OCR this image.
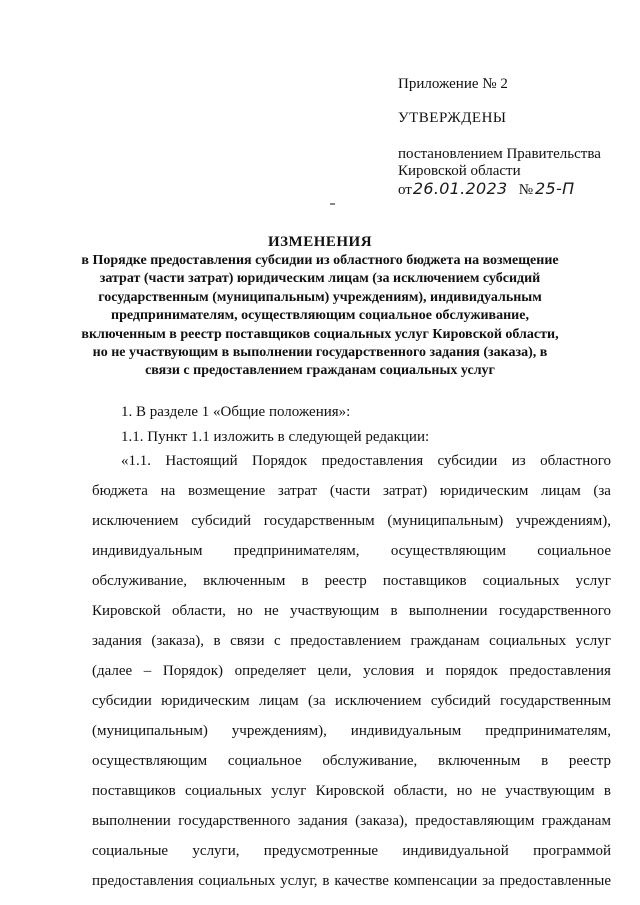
Приложение № 2
УТВЕРЖДЕНЫ
постановлением Правительства
Кировской области
от26.01.2023 № 25-П
ИЗМЕНЕНИЯ
в Порядке предоставления субсидии из областного бюджета на возмещение
затрат (части затрат) юридическим лицам (за исключением субсидий
государственным (муниципальным) учреждениям), индивидуальным
предпринимателям, осуществляющим социальное обслуживание,
включенным в реестр поставщиков социальных услуг Кировской области,
но не участвующим в выполнении государственного задания (заказа), в
связи с предоставлением гражданам социальных услуг
1. В разделе 1 «Общие положения»:
1.1. Пункт 1.1 изложить в следующей редакции:
«1.1. Настоящий Порядок предоставления субсидии из областного
бюджета на возмещение затрат (части затрат) юридическим лицам (за
исключением субсидий государственным (муниципальным) учреждениям),
индивидуальным предпринимателям, осуществляющим социальное
обслуживание, включенным в реестр поставщиков социальных услуг
Кировской области, но не участвующим в выполнении государственного
задания (заказа), в связи с предоставлением гражданам социальных услуг
(далее – Порядок) определяет цели, условия и порядок предоставления
субсидии юридическим лицам (за исключением субсидий государственным
(муниципальным) учреждениям), индивидуальным предпринимателям,
осуществляющим социальное обслуживание, включенным в реестр
поставщиков социальных услуг Кировской области, но не участвующим в
выполнении государственного задания (заказа), предоставляющим гражданам
социальные услуги, предусмотренные индивидуальной программой
предоставления социальных услуг, в качестве компенсации за предоставленные
